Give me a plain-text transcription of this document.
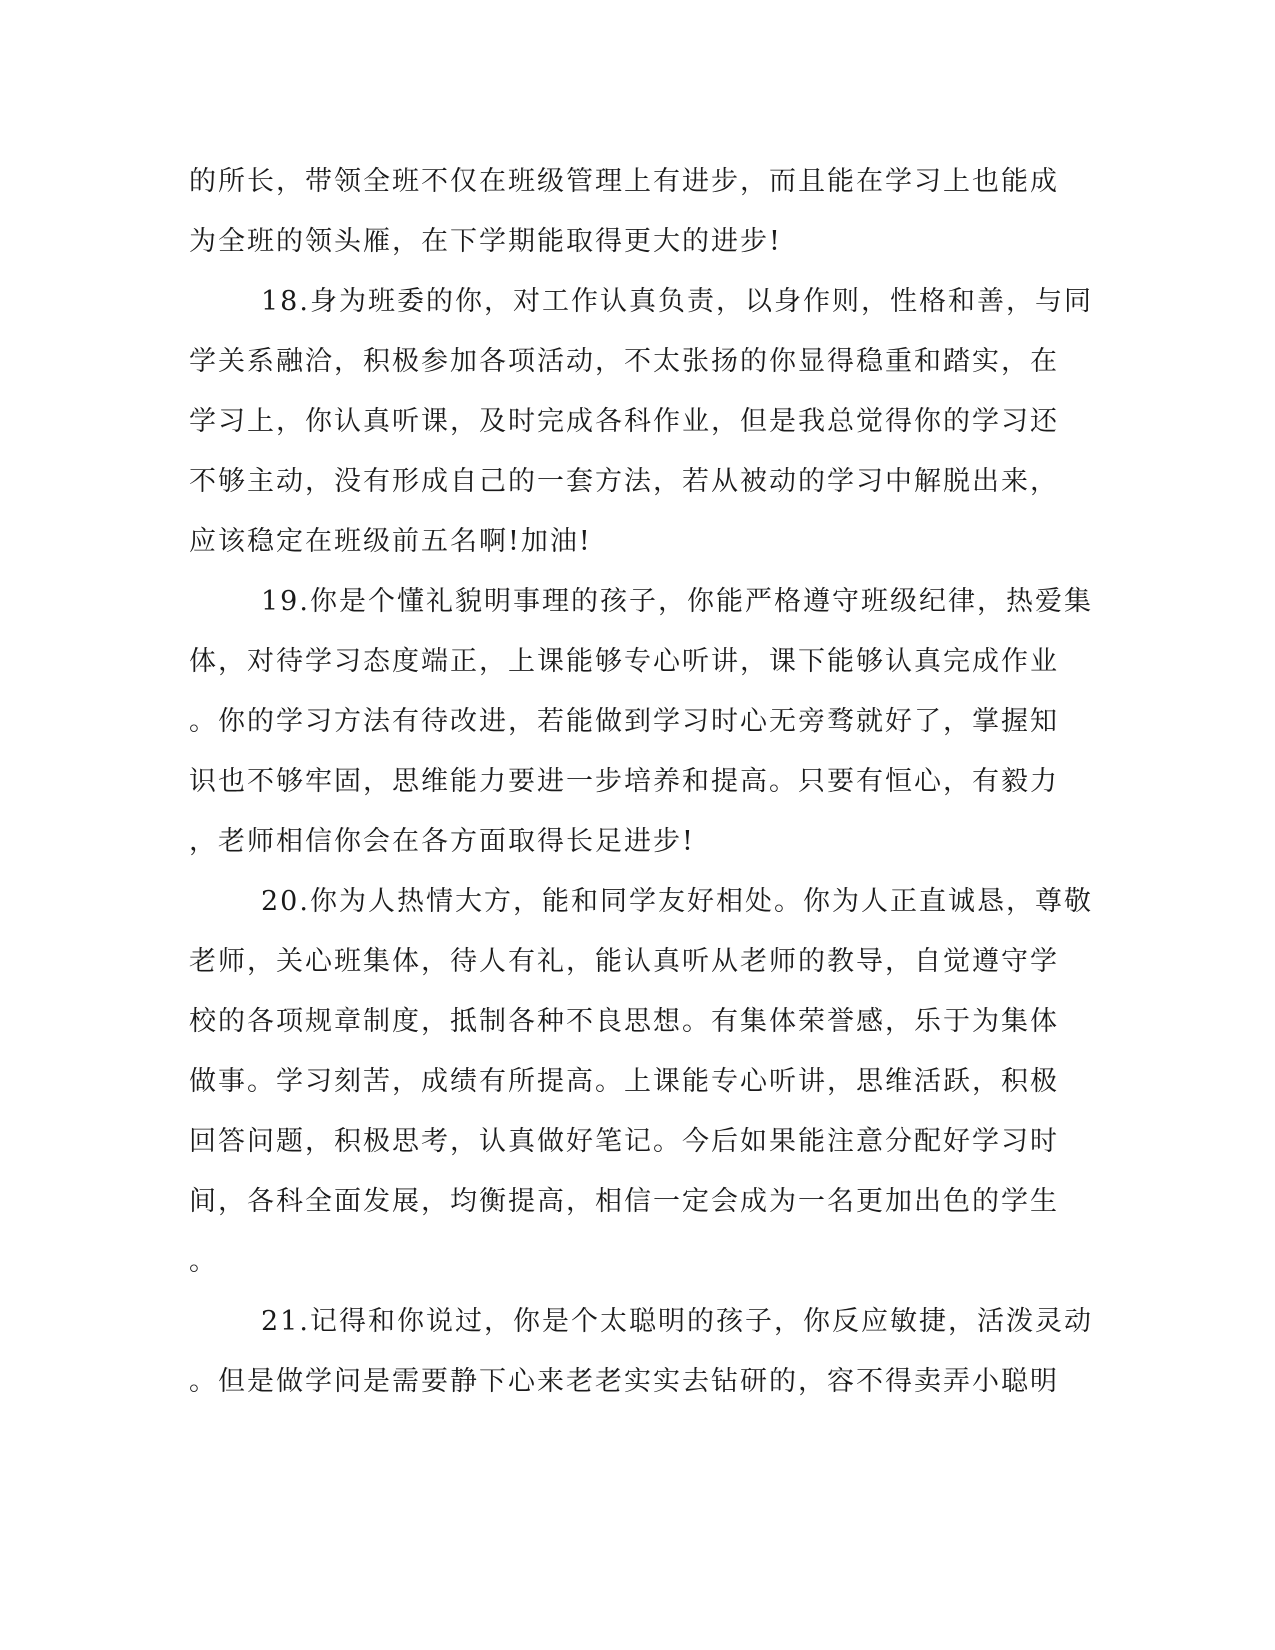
的所长，带领全班不仅在班级管理上有进步，而且能在学习上也能成

为全班的领头雁，在下学期能取得更大的进步!

18.身为班委的你，对工作认真负责，以身作则，性格和善，与同

学关系融洽，积极参加各项活动，不太张扬的你显得稳重和踏实，在

学习上，你认真听课，及时完成各科作业，但是我总觉得你的学习还

不够主动，没有形成自己的一套方法，若从被动的学习中解脱出来，

应该稳定在班级前五名啊!加油!

19.你是个懂礼貌明事理的孩子，你能严格遵守班级纪律，热爱集

体，对待学习态度端正，上课能够专心听讲，课下能够认真完成作业

。你的学习方法有待改进，若能做到学习时心无旁骛就好了，掌握知

识也不够牢固，思维能力要进一步培养和提高。只要有恒心，有毅力

，老师相信你会在各方面取得长足进步!

20.你为人热情大方，能和同学友好相处。你为人正直诚恳，尊敬

老师，关心班集体，待人有礼，能认真听从老师的教导，自觉遵守学

校的各项规章制度，抵制各种不良思想。有集体荣誉感，乐于为集体

做事。学习刻苦，成绩有所提高。上课能专心听讲，思维活跃，积极

回答问题，积极思考，认真做好笔记。今后如果能注意分配好学习时

间，各科全面发展，均衡提高，相信一定会成为一名更加出色的学生

。

21.记得和你说过，你是个太聪明的孩子，你反应敏捷，活泼灵动

。但是做学问是需要静下心来老老实实去钻研的，容不得卖弄小聪明
